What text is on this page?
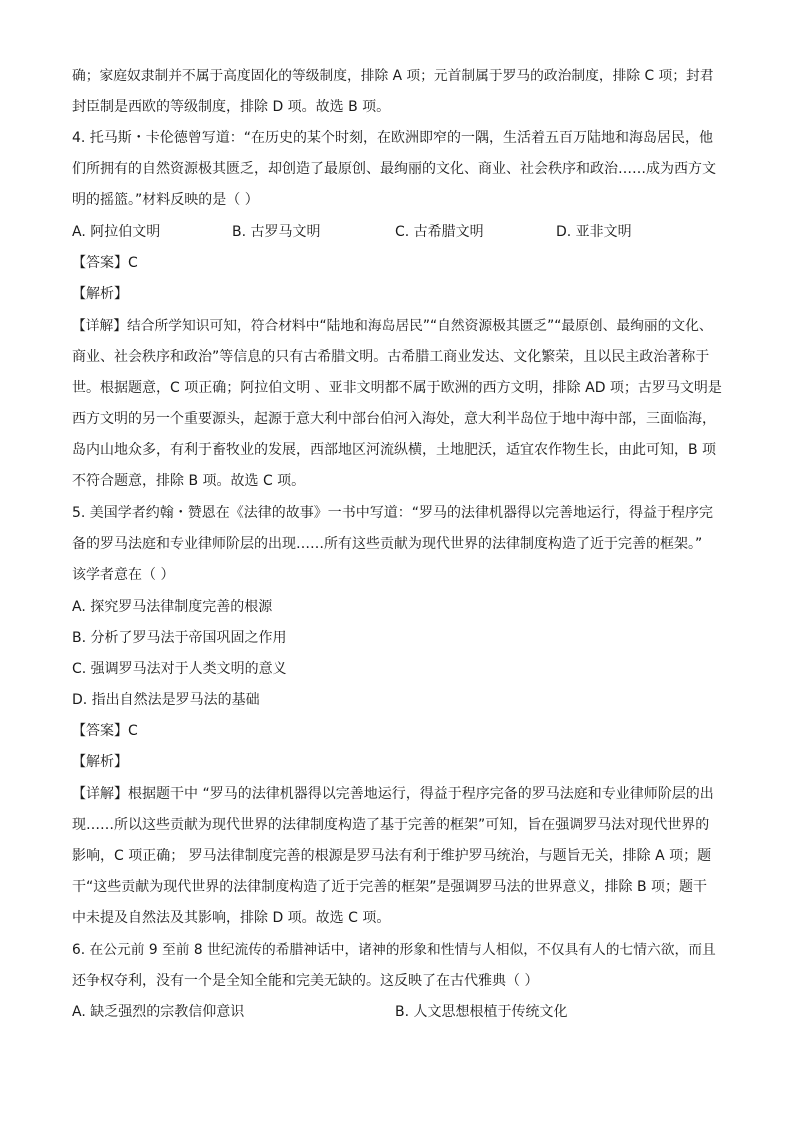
确；家庭奴隶制并不属于高度固化的等级制度，排除 A 项；元首制属于罗马的政治制度，排除 C 项；封君
封臣制是西欧的等级制度，排除 D 项。故选 B 项。
4. 托马斯・卡伦德曾写道：“在历史的某个时刻，在欧洲即窄的一隅，生活着五百万陆地和海岛居民，他
们所拥有的自然资源极其匮乏，却创造了最原创、最绚丽的文化、商业、社会秩序和政治……成为西方文
明的摇篮。”材料反映的是（ ）
A. 阿拉伯文明	B. 古罗马文明	C. 古希腊文明	D. 亚非文明
【答案】C
【解析】
【详解】结合所学知识可知，符合材料中“陆地和海岛居民”“自然资源极其匮乏”“最原创、最绚丽的文化、
商业、社会秩序和政治”等信息的只有古希腊文明。古希腊工商业发达、文化繁荣，且以民主政治著称于
世。根据题意，C 项正确；阿拉伯文明 、亚非文明都不属于欧洲的西方文明，排除 AD 项；古罗马文明是
西方文明的另一个重要源头，起源于意大利中部台伯河入海处，意大利半岛位于地中海中部，三面临海，
岛内山地众多，有利于畜牧业的发展，西部地区河流纵横，土地肥沃，适宜农作物生长，由此可知，B 项
不符合题意，排除 B 项。故选 C 项。
5. 美国学者约翰・赞恩在《法律的故事》一书中写道：“罗马的法律机器得以完善地运行，得益于程序完
备的罗马法庭和专业律师阶层的出现……所有这些贡献为现代世界的法律制度构造了近于完善的框架。”
该学者意在（ ）
A. 探究罗马法律制度完善的根源
B. 分析了罗马法于帝国巩固之作用
C. 强调罗马法对于人类文明的意义
D. 指出自然法是罗马法的基础
【答案】C
【解析】
【详解】根据题干中 “罗马的法律机器得以完善地运行，得益于程序完备的罗马法庭和专业律师阶层的出
现……所以这些贡献为现代世界的法律制度构造了基于完善的框架”可知，旨在强调罗马法对现代世界的
影响，C 项正确； 罗马法律制度完善的根源是罗马法有利于维护罗马统治，与题旨无关，排除 A 项；题
干“这些贡献为现代世界的法律制度构造了近于完善的框架”是强调罗马法的世界意义，排除 B 项；题干
中未提及自然法及其影响，排除 D 项。故选 C 项。
6. 在公元前 9 至前 8 世纪流传的希腊神话中，诸神的形象和性情与人相似，不仅具有人的七情六欲，而且
还争权夺利，没有一个是全知全能和完美无缺的。这反映了在古代雅典（ ）
A. 缺乏强烈的宗教信仰意识	B. 人文思想根植于传统文化
